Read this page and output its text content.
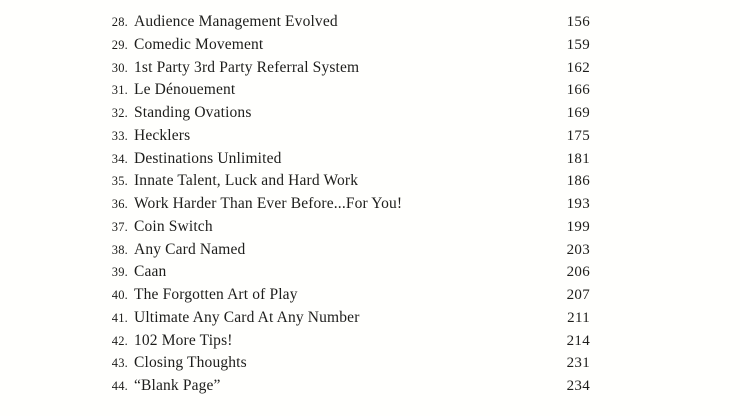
28. Audience Management Evolved	156
29. Comedic Movement	159
30. 1st Party 3rd Party Referral System	162
31. Le Dénouement	166
32. Standing Ovations	169
33. Hecklers	175
34. Destinations Unlimited	181
35. Innate Talent, Luck and Hard Work	186
36. Work Harder Than Ever Before...For You!	193
37. Coin Switch	199
38. Any Card Named	203
39. Caan	206
40. The Forgotten Art of Play	207
41. Ultimate Any Card At Any Number	211
42. 102 More Tips!	214
43. Closing Thoughts	231
44. “Blank Page”	234
